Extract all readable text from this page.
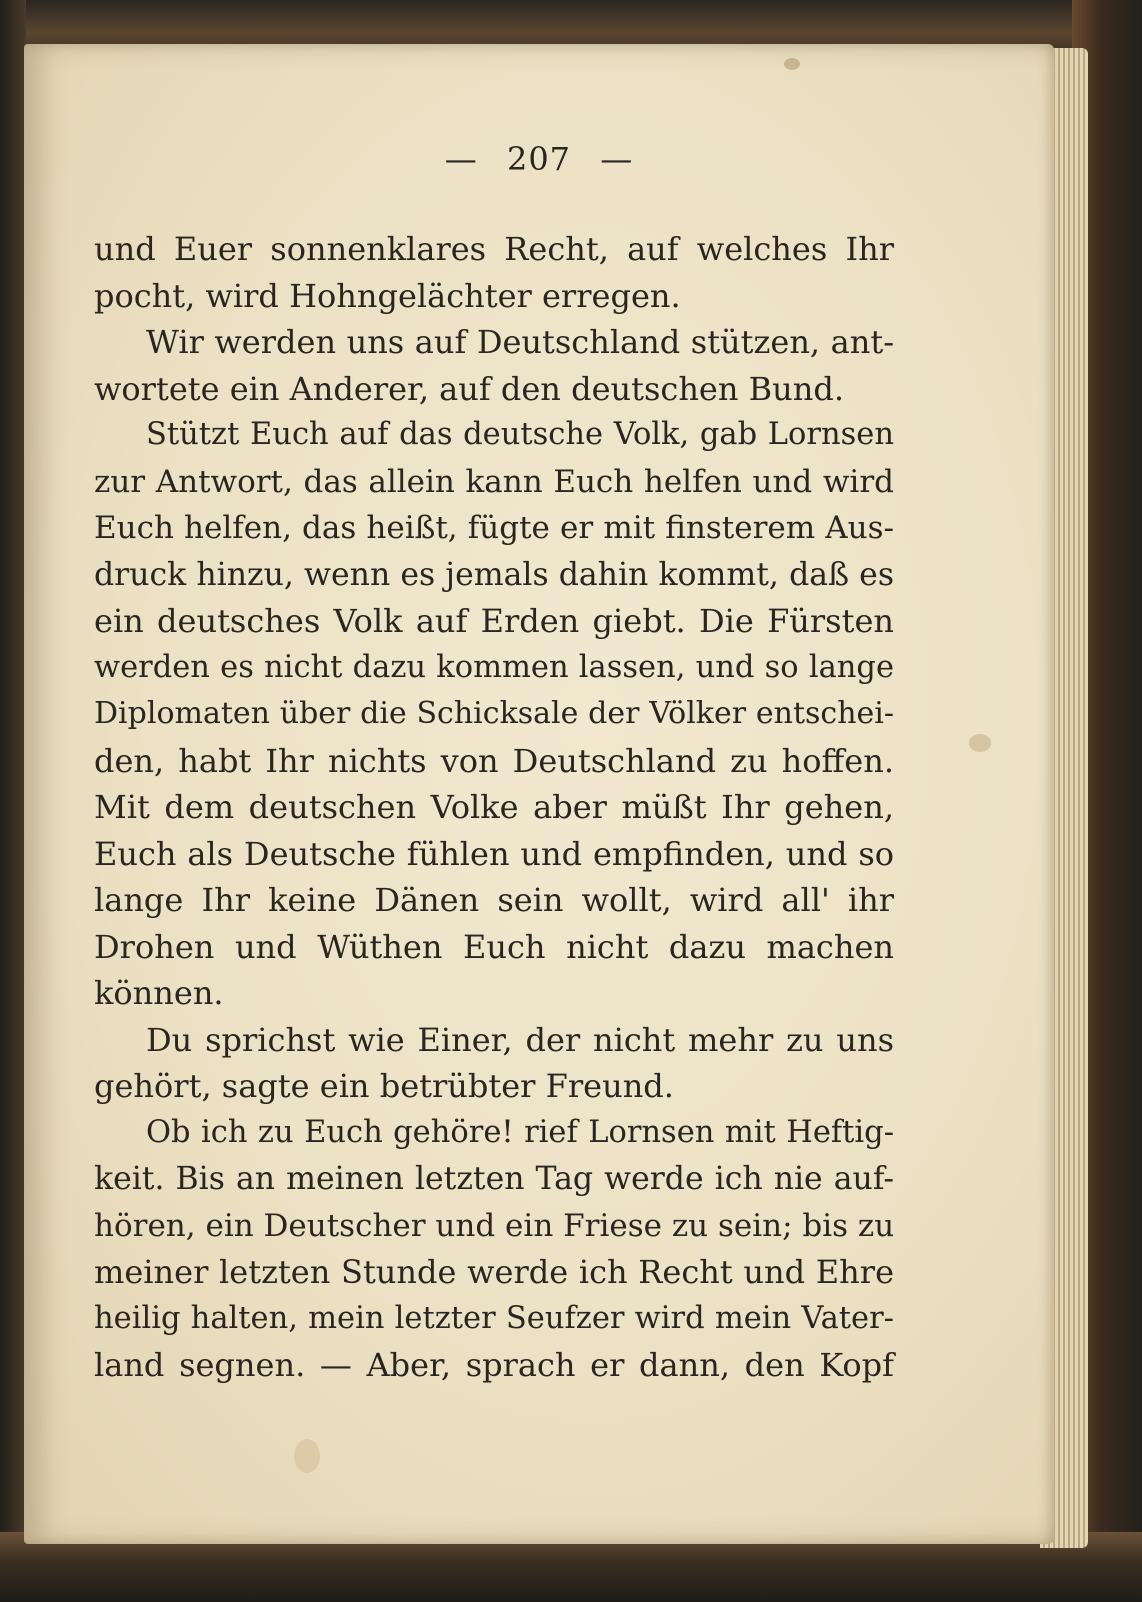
— 207 —
und Euer sonnenklares Recht, auf welches Ihr
pocht, wird Hohngelächter erregen.
Wir werden uns auf Deutschland stützen, ant-
wortete ein Anderer, auf den deutschen Bund.
Stützt Euch auf das deutsche Volk, gab Lornsen
zur Antwort, das allein kann Euch helfen und wird
Euch helfen, das heißt, fügte er mit finsterem Aus-
druck hinzu, wenn es jemals dahin kommt, daß es
ein deutsches Volk auf Erden giebt. Die Fürsten
werden es nicht dazu kommen lassen, und so lange
Diplomaten über die Schicksale der Völker entschei-
den, habt Ihr nichts von Deutschland zu hoffen.
Mit dem deutschen Volke aber müßt Ihr gehen,
Euch als Deutsche fühlen und empfinden, und so
lange Ihr keine Dänen sein wollt, wird all' ihr
Drohen und Wüthen Euch nicht dazu machen
können.
Du sprichst wie Einer, der nicht mehr zu uns
gehört, sagte ein betrübter Freund.
Ob ich zu Euch gehöre! rief Lornsen mit Heftig-
keit. Bis an meinen letzten Tag werde ich nie auf-
hören, ein Deutscher und ein Friese zu sein; bis zu
meiner letzten Stunde werde ich Recht und Ehre
heilig halten, mein letzter Seufzer wird mein Vater-
land segnen. — Aber, sprach er dann, den Kopf
